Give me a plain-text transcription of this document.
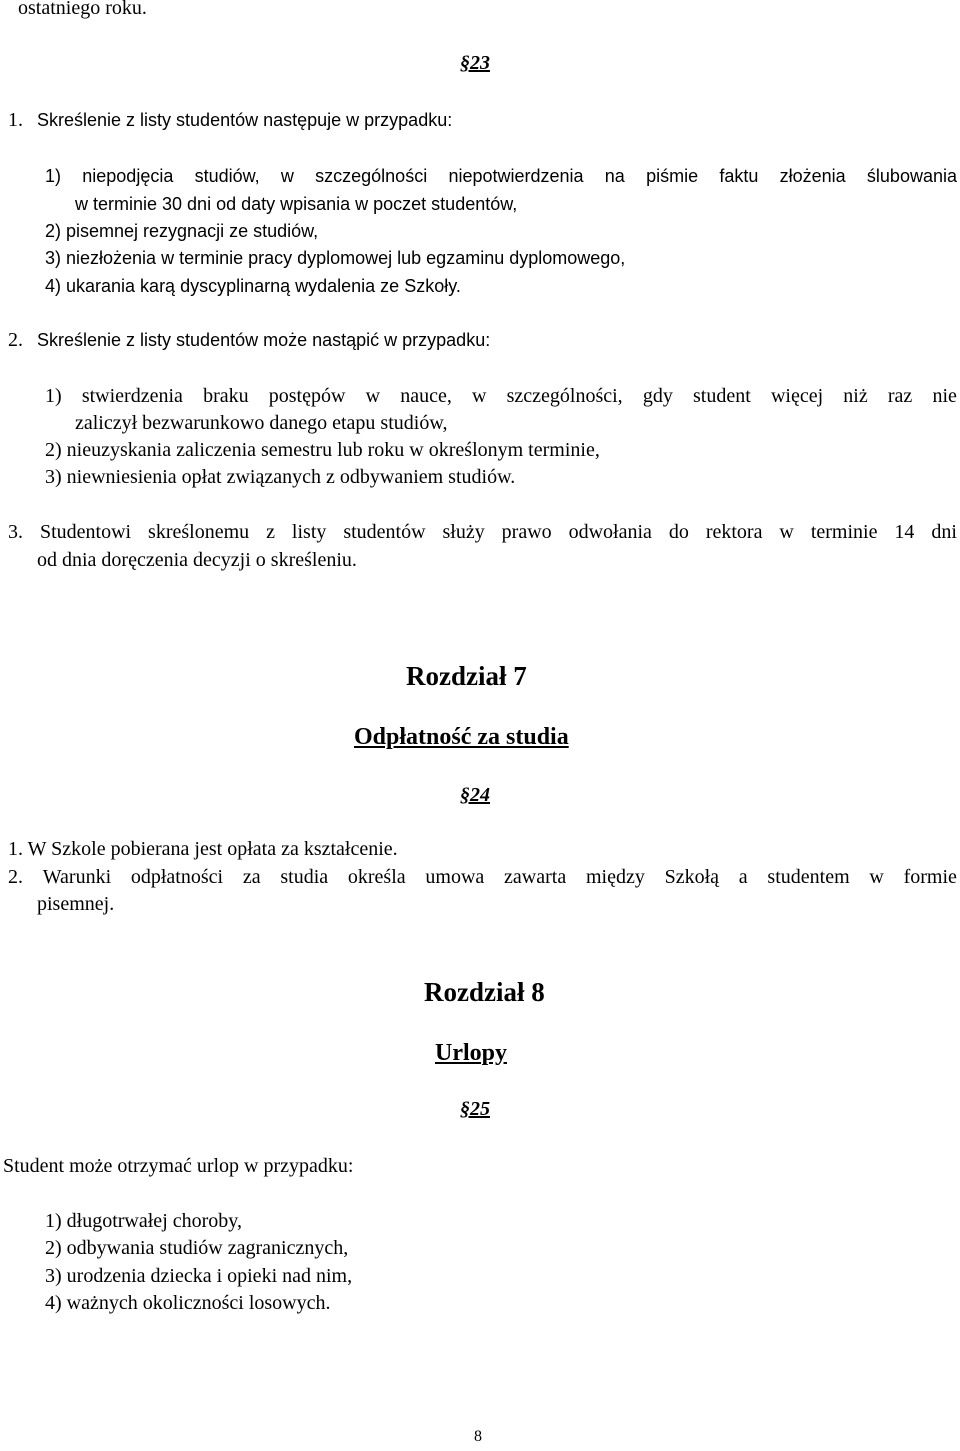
ostatniego roku.
§23
1. Skreślenie z listy studentów następuje w przypadku:
1) niepodjęcia studiów, w szczególności niepotwierdzenia na piśmie faktu złożenia ślubowania
w terminie 30 dni od daty wpisania w poczet studentów,
2) pisemnej rezygnacji ze studiów,
3) niezłożenia w terminie pracy dyplomowej lub egzaminu dyplomowego,
4) ukarania karą dyscyplinarną wydalenia ze Szkoły.
2. Skreślenie z listy studentów może nastąpić w przypadku:
1) stwierdzenia braku postępów w nauce, w szczególności, gdy student więcej niż raz nie
zaliczył bezwarunkowo danego etapu studiów,
2) nieuzyskania zaliczenia semestru lub roku w określonym terminie,
3) niewniesienia opłat związanych z odbywaniem studiów.
3. Studentowi skreślonemu z listy studentów służy prawo odwołania do rektora w terminie 14 dni
od dnia doręczenia decyzji o skreśleniu.
Rozdział 7
Odpłatność za studia
§24
1. W Szkole pobierana jest opłata za kształcenie.
2. Warunki odpłatności za studia określa umowa zawarta między Szkołą a studentem w formie
pisemnej.
Rozdział 8
Urlopy
§25
Student może otrzymać urlop w przypadku:
1) długotrwałej choroby,
2) odbywania studiów zagranicznych,
3) urodzenia dziecka i opieki nad nim,
4) ważnych okoliczności losowych.
8
